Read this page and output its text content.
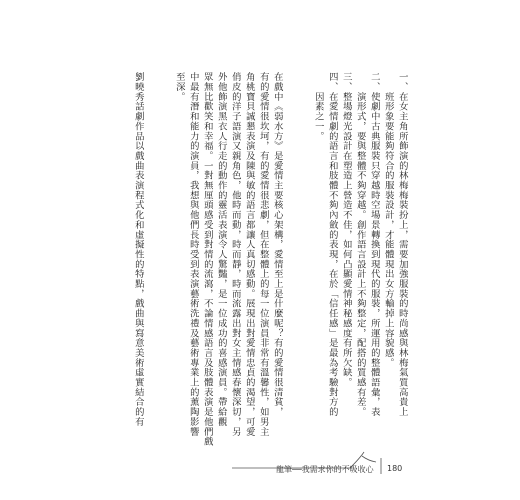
一、在女主角所飾演的林梅梅裝扮上，需要加強服裝的時尚感與林梅氣質高貴上
　　班形象要能夠符合的服裝設計，才能體現出女方輸掉上容貌感。
二、使劇中古典服裝只穿越時空場景轉換到現代的服裝，所運用的整體語彙，表
　　演形式，要與整體不夠穿越。創作語言設計上不夠整定，配搭的質感有差。
三、整場燈光設計在塑造上營造不佳，如何凸顯愛情神秘感度有所欠缺。
四、在愛情劇的語言和肢體不夠內斂的表現，在於「信任感」是最為考驗對方的
　　因素之一。
在戲中《弱水方》是愛情主要核心架構，愛情至上是什麼呢？有的愛情很清貧，
有的愛情很坎坷，有的愛情很悲劇，但在整體上的每一位演員非常有溫馨性，如男主
角桃寶貝誠懇表演及陳與敏的語言都讓人真切感動。展現出對愛情忠貞的渴望，可愛
俏皮的洋子語演又親角色，他時而動，時而靜，時而流露出對女主情感春懷深切，另
外他飾演黑衣人行走的動作的靈活表演令人驚豔，是一位成功的喜感演員。帶給觀
眾無比歡笑和幸福。一對無厘頭感受到對情的流瀉，不論情感語言及肢體表演是他們戲
中最有潛和能力的演員，我想與他們長時受到表演藝術洗禮及藝術專業上的薰陶影響
至深。
劉曉秀話劇作品以戲曲表演程式化和虛擬性的特點，戲曲與寫意美術虛實結合的有
龍筆──我需求你的不吸收心 180
